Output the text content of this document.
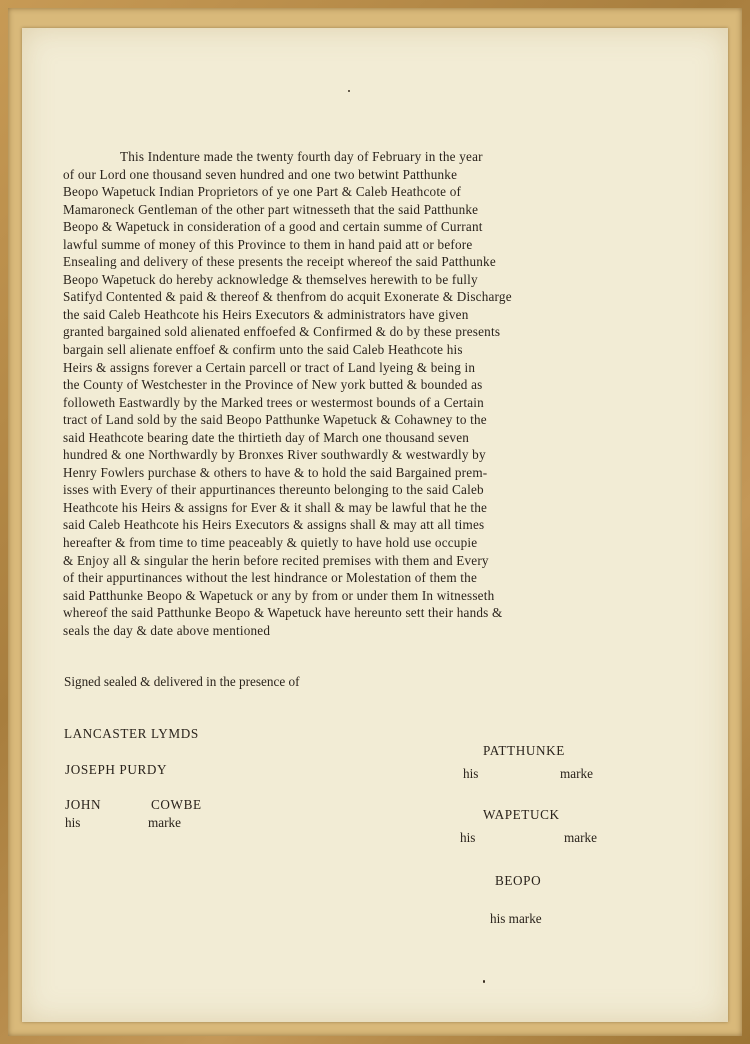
This Indenture made the twenty fourth day of February in the year
of our Lord one thousand seven hundred and one two betwint Patthunke
Beopo Wapetuck Indian Proprietors of ye one Part & Caleb Heathcote of
Mamaroneck Gentleman of the other part witnesseth that the said Patthunke
Beopo & Wapetuck in consideration of a good and certain summe of Currant
lawful summe of money of this Province to them in hand paid att or before
Ensealing and delivery of these presents the receipt whereof the said Patthunke
Beopo Wapetuck do hereby acknowledge & themselves herewith to be fully
Satifyd Contented & paid & thereof & thenfrom do acquit Exonerate & Discharge
the said Caleb Heathcote his Heirs Executors & administrators have given
granted bargained sold alienated enffoefed & Confirmed & do by these presents
bargain sell alienate enffoef & confirm unto the said Caleb Heathcote his
Heirs & assigns forever a Certain parcell or tract of Land lyeing & being in
the County of Westchester in the Province of New york butted & bounded as
followeth Eastwardly by the Marked trees or westermost bounds of a Certain
tract of Land sold by the said Beopo Patthunke Wapetuck & Cohawney to the
said Heathcote bearing date the thirtieth day of March one thousand seven
hundred & one Northwardly by Bronxes River southwardly & westwardly by
Henry Fowlers purchase & others to have & to hold the said Bargained prem-
isses with Every of their appurtinances thereunto belonging to the said Caleb
Heathcote his Heirs & assigns for Ever & it shall & may be lawful that he the
said Caleb Heathcote his Heirs Executors & assigns shall & may att all times
hereafter & from time to time peaceably & quietly to have hold use occupie
& Enjoy all & singular the herin before recited premises with them and Every
of their appurtinances without the lest hindrance or Molestation of them the
said Patthunke Beopo & Wapetuck or any by from or under them In witnesseth
whereof the said Patthunke Beopo & Wapetuck have hereunto sett their hands &
seals the day & date above mentioned
Signed sealed & delivered in the presence of
LANCASTER LYMDS
JOSEPH PURDY
JOHN	COWBE
his	marke
PATTHUNKE
his	marke
WAPETUCK
his	marke
BEOPO
his marke
